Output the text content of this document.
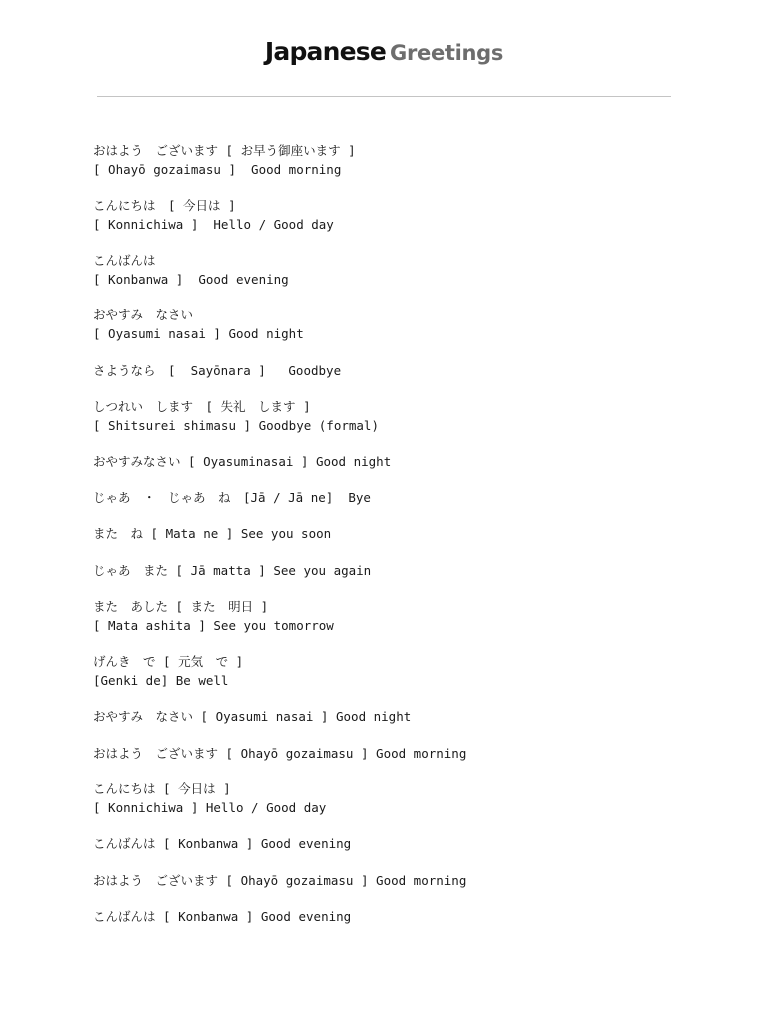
Japanese Greetings
おはよう　ございます [ お早う御座います ]
[ Ohayō gozaimasu ]  Good morning
こんにちは　[ 今日は ]
[ Konnichiwa ]  Hello / Good day
こんばんは
[ Konbanwa ]  Good evening
おやすみ　なさい
[ Oyasumi nasai ] Good night
さようなら　[  Sayōnara ]   Goodbye
しつれい　します　[ 失礼　します ]
[ Shitsurei shimasu ] Goodbye (formal)
おやすみなさい [ Oyasuminasai ] Good night
じゃあ　・　じゃあ　ね　[Jā / Jā ne]  Bye
また　ね [ Mata ne ] See you soon
じゃあ　また [ Jā matta ] See you again
また　あした [ また　明日 ]
[ Mata ashita ] See you tomorrow
げんき　で [ 元気　で ]
[Genki de] Be well
おやすみ　なさい [ Oyasumi nasai ] Good night
おはよう　ございます [ Ohayō gozaimasu ] Good morning
こんにちは [ 今日は ]
[ Konnichiwa ] Hello / Good day
こんばんは [ Konbanwa ] Good evening
おはよう　ございます [ Ohayō gozaimasu ] Good morning
こんばんは [ Konbanwa ] Good evening
